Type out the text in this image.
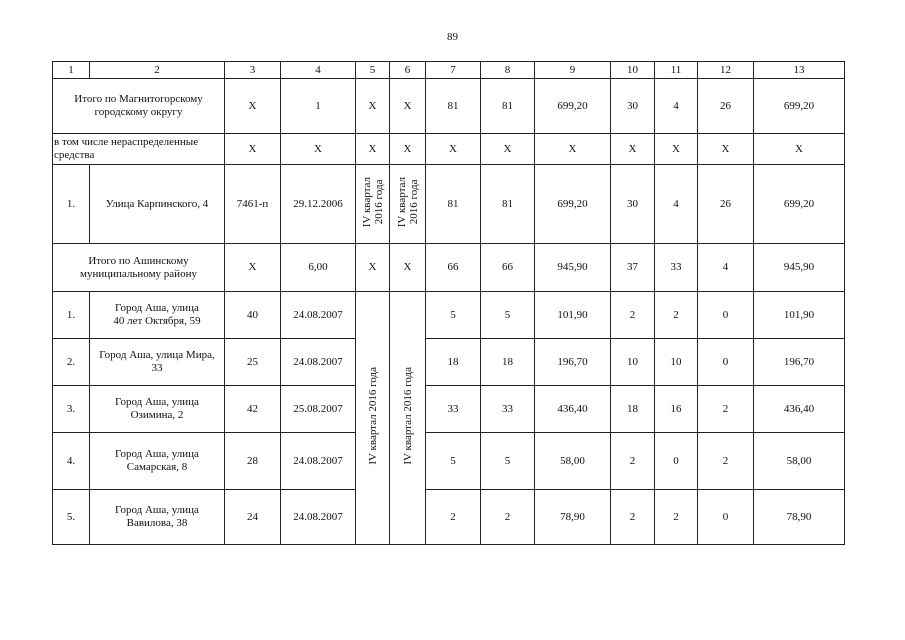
89
1	2	3	4	5	6	7	8	9	10	11	12	13
Итого по Магнитогорскому
городскому округу		X	1	X	X	81	81	699,20	30	4	26	699,20
в том числе нераспределенные
средства		X	X	X	X	X	X	X	X	X	X	X
1.	Улица Карпинского, 4	7461-п	29.12.2006	IV квартал
2016 года	IV квартал
2016 года	81	81	699,20	30	4	26	699,20
Итого по Ашинскому
муниципальному району		X	6,00	X	X	66	66	945,90	37	33	4	945,90
1.	Город Аша, улица
40 лет Октября, 59	40	24.08.2007	IV квартал 2016 года	IV квартал 2016 года	5	5	101,90	2	2	0	101,90
2.	Город Аша, улица Мира,
33	25	24.08.2007			18	18	196,70	10	10	0	196,70
3.	Город Аша, улица
Озимина, 2	42	25.08.2007			33	33	436,40	18	16	2	436,40
4.	Город Аша, улица
Самарская, 8	28	24.08.2007			5	5	58,00	2	0	2	58,00
5.	Город Аша, улица
Вавилова, 38	24	24.08.2007			2	2	78,90	2	2	0	78,90
